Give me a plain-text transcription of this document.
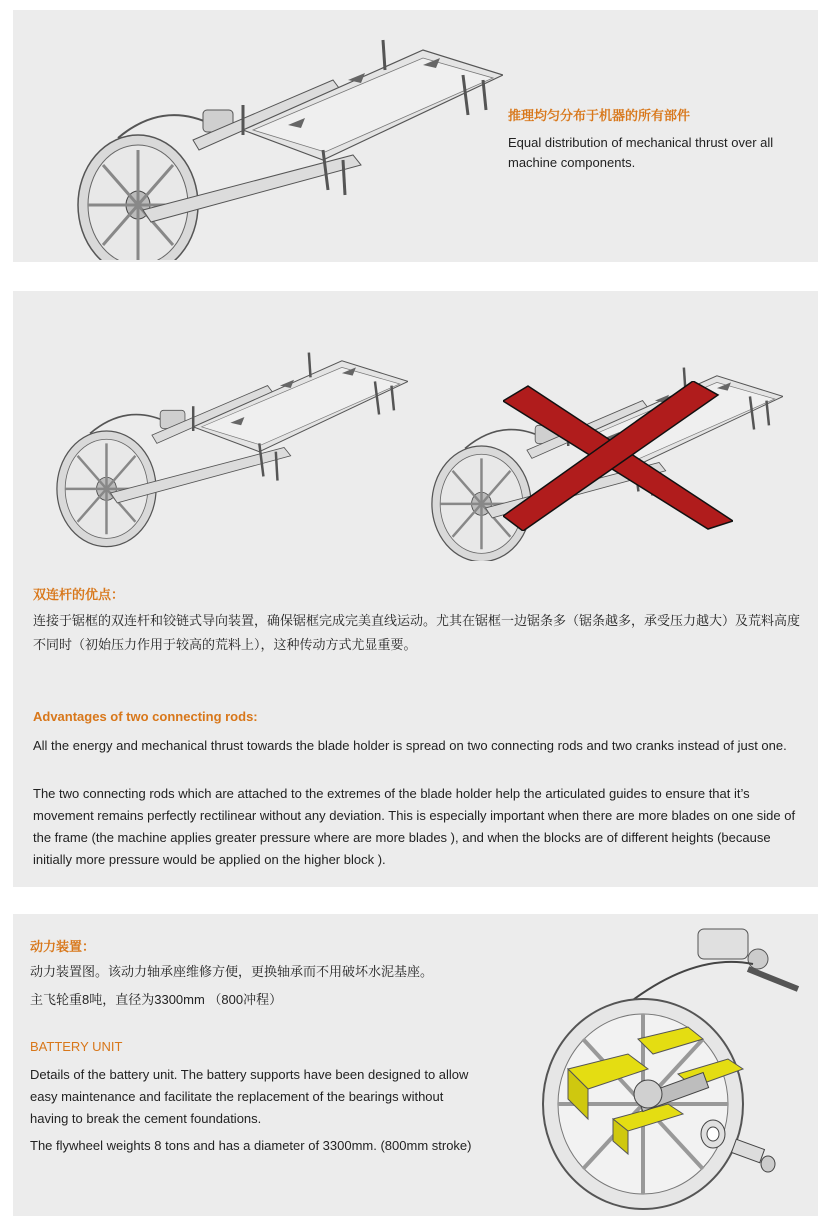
推理均匀分布于机器的所有部件

Equal distribution of mechanical thrust over all machine components.

双连杆的优点：

连接于锯框的双连杆和铰链式导向装置，确保锯框完成完美直线运动。尤其在锯框一边锯条多（锯条越多，承受压力越大）及荒料高度不同时（初始压力作用于较高的荒料上），这种传动方式尤显重要。

Advantages of two connecting rods:

All the energy and mechanical thrust towards the blade holder is spread on two connecting rods and two cranks instead of just one.

The two connecting rods which are attached to the extremes of the blade holder help the articulated guides to ensure that it’s movement remains perfectly rectilinear without any deviation. This is especially important when there are more blades on one side of the frame (the machine applies greater pressure where are more blades ), and when the blocks are of different heights (because initially more pressure would be applied on the higher block ).

动力装置：

动力装置图。该动力轴承座维修方便，更换轴承而不用破坏水泥基座。

主飞轮重8吨，直径为3300mm （800冲程）

BATTERY UNIT

Details of the battery unit. The battery supports have been designed to allow easy maintenance and facilitate the replacement of the bearings without having to break the cement foundations.

The flywheel weights 8 tons and has a diameter of 3300mm. (800mm stroke)
